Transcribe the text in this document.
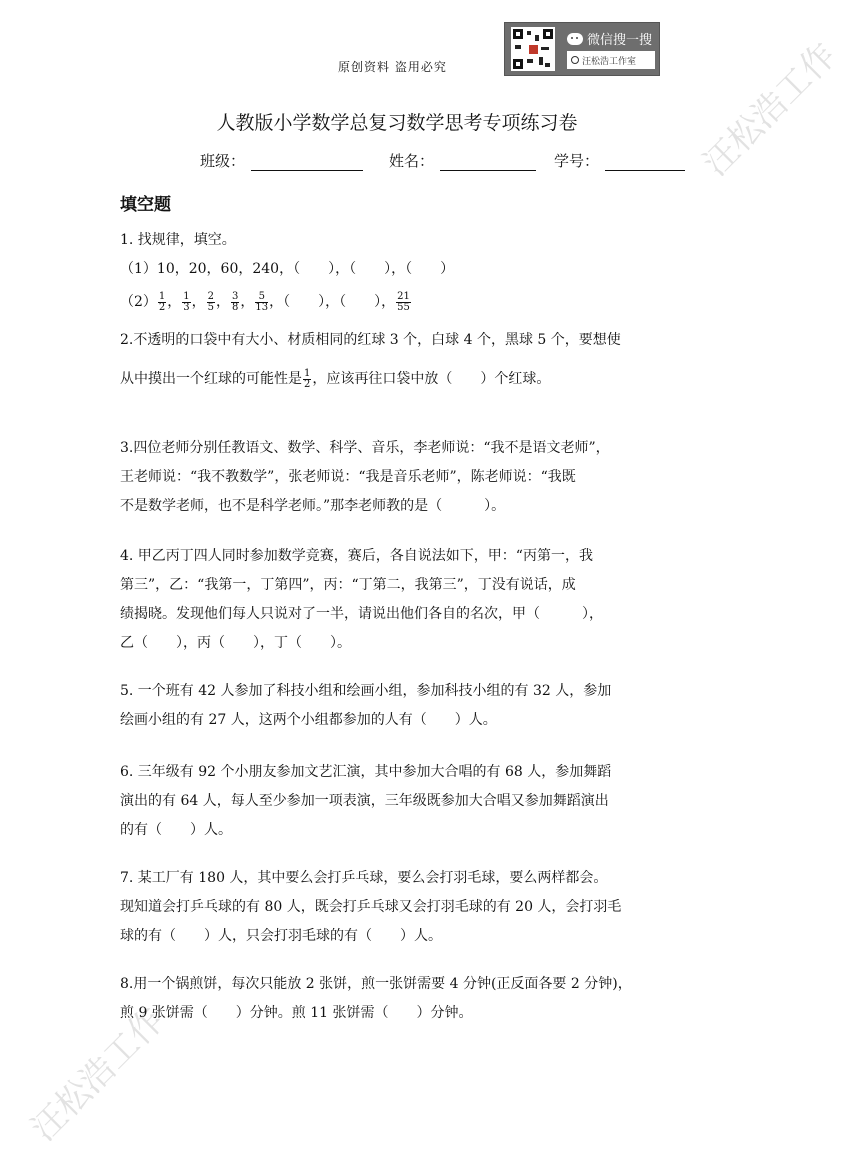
原创资料 盗用必究
微信搜一搜
汪松浩工作室 汪松浩工作
汪松浩工作
人教版小学数学总复习数学思考专项练习卷
班级：	姓名：	学号：
填空题
1. 找规律，填空。
（1）10，20，60，240，（　　），（　　），（　　）
$(2) \frac{1}{2}$ ， $\frac{1}{3}$ ， $\frac{2}{5}$ ， $\frac{3}{8}$ ， $\frac{5}{13}$ ，（　　），（　　）， $\frac{21}{55}$
2.不透明的口袋中有大小、材质相同的红球 3 个，白球 4 个，黑球 5 个，要想使
从中摸出一个红球的可能性是 $\frac{1}{2}$ ，应该再往口袋中放（　　）个红球。
3.四位老师分别任教语文、数学、科学、音乐，李老师说：“我不是语文老师”，
王老师说：“我不教数学”，张老师说：“我是音乐老师”，陈老师说：“我既
不是数学老师，也不是科学老师。”那李老师教的是（　　　）。
4. 甲乙丙丁四人同时参加数学竞赛，赛后，各自说法如下，甲：“丙第一，我
第三”，乙：“我第一，丁第四”，丙：“丁第二，我第三”，丁没有说话，成
绩揭晓。发现他们每人只说对了一半，请说出他们各自的名次，甲（　　　），
乙（　　），丙（　　），丁（　　）。
5. 一个班有 42 人参加了科技小组和绘画小组，参加科技小组的有 32 人，参加
绘画小组的有 27 人，这两个小组都参加的人有（　　）人。
6. 三年级有 92 个小朋友参加文艺汇演，其中参加大合唱的有 68 人，参加舞蹈
演出的有 64 人，每人至少参加一项表演，三年级既参加大合唱又参加舞蹈演出
的有（　　）人。
7. 某工厂有 180 人，其中要么会打乒乓球，要么会打羽毛球，要么两样都会。
现知道会打乒乓球的有 80 人，既会打乒乓球又会打羽毛球的有 20 人，会打羽毛
球的有（　　）人，只会打羽毛球的有（　　）人。
8.用一个锅煎饼，每次只能放 2 张饼，煎一张饼需要 4 分钟(正反面各要 2 分钟)，
煎 9 张饼需（　　）分钟。煎 11 张饼需（　　）分钟。
